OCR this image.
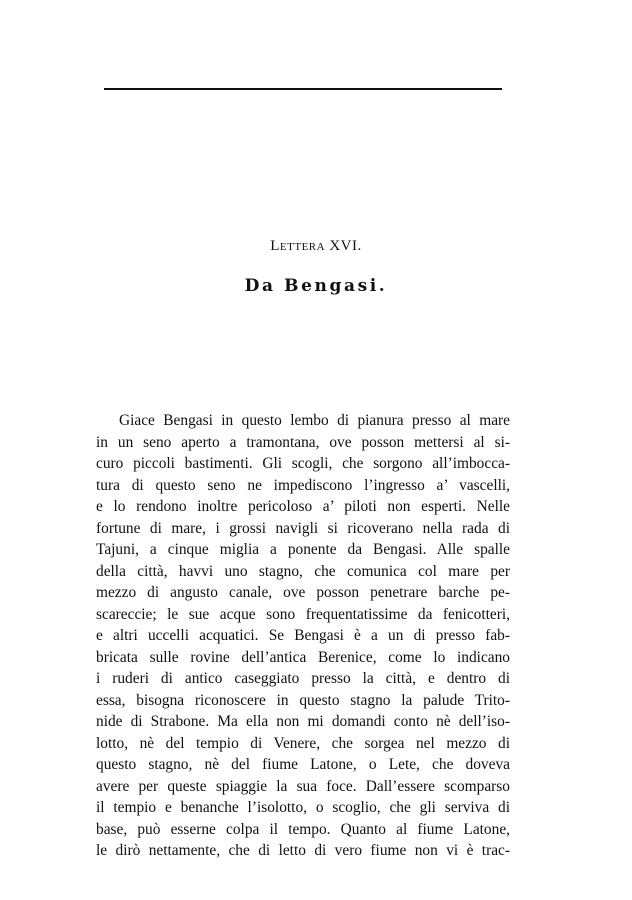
Lettera XVI.
Da Bengasi.
Giace Bengasi in questo lembo di pianura presso al mare
in un seno aperto a tramontana, ove posson mettersi al si-
curo piccoli bastimenti. Gli scogli, che sorgono all’imbocca-
tura di questo seno ne impediscono l’ingresso a’ vascelli,
e lo rendono inoltre pericoloso a’ piloti non esperti. Nelle
fortune di mare, i grossi navigli si ricoverano nella rada di
Tajuni, a cinque miglia a ponente da Bengasi. Alle spalle
della città, havvi uno stagno, che comunica col mare per
mezzo di angusto canale, ove posson penetrare barche pe-
scareccie; le sue acque sono frequentatissime da fenicotteri,
e altri uccelli acquatici. Se Bengasi è a un di presso fab-
bricata sulle rovine dell’antica Berenice, come lo indicano
i ruderi di antico caseggiato presso la città, e dentro di
essa, bisogna riconoscere in questo stagno la palude Trito-
nide di Strabone. Ma ella non mi domandi conto nè dell’iso-
lotto, nè del tempio di Venere, che sorgea nel mezzo di
questo stagno, nè del fiume Latone, o Lete, che doveva
avere per queste spiaggie la sua foce. Dall’essere scomparso
il tempio e benanche l’isolotto, o scoglio, che gli serviva di
base, può esserne colpa il tempo. Quanto al fiume Latone,
le dirò nettamente, che di letto di vero fiume non vi è trac-
